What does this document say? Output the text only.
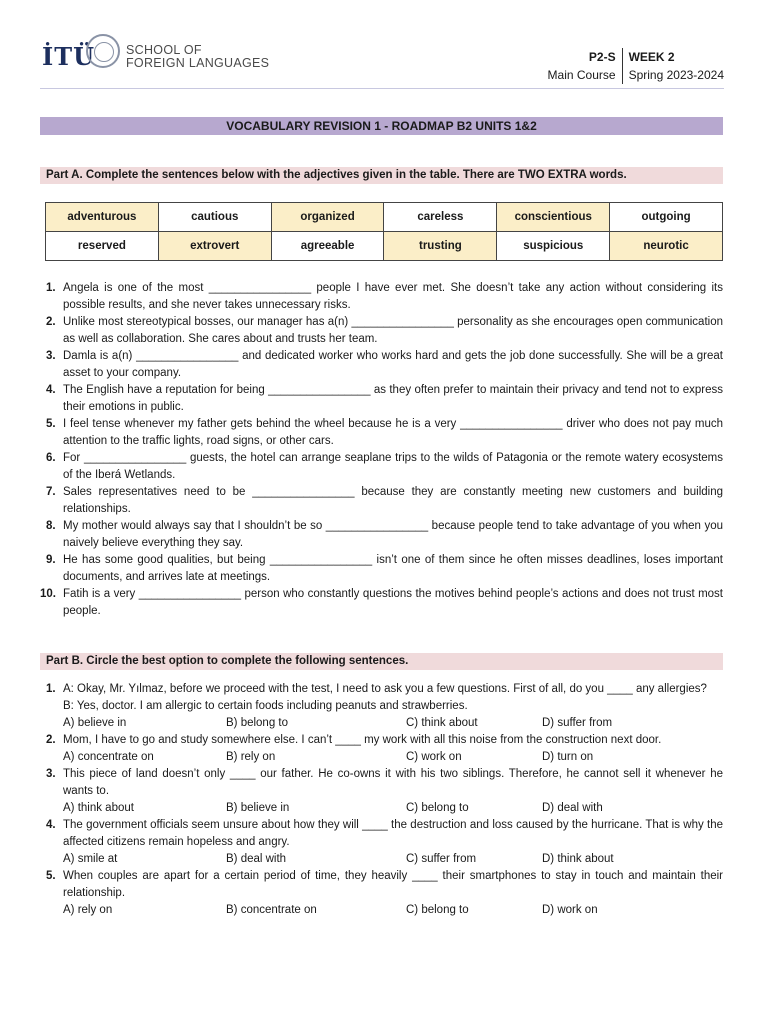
İTÜ SCHOOL OF
FOREIGN LANGUAGES	P2-S
Main Course
WEEK 2
Spring 2023-2024
VOCABULARY REVISION 1 - ROADMAP B2 UNITS 1&2
Part A. Complete the sentences below with the adjectives given in the table. There are TWO EXTRA words.
adventurous	cautious	organized	careless	conscientious	outgoing
reserved	extrovert	agreeable	trusting	suspicious	neurotic
1. Angela is one of the most ________________ people I have ever met. She doesn’t take any action without considering its possible results, and she never takes unnecessary risks.
2. Unlike most stereotypical bosses, our manager has a(n) ________________ personality as she encourages open communication as well as collaboration. She cares about and trusts her team.
3. Damla is a(n) ________________ and dedicated worker who works hard and gets the job done successfully. She will be a great asset to your company.
4. The English have a reputation for being ________________ as they often prefer to maintain their privacy and tend not to express their emotions in public.
5. I feel tense whenever my father gets behind the wheel because he is a very ________________ driver who does not pay much attention to the traffic lights, road signs, or other cars.
6. For ________________ guests, the hotel can arrange seaplane trips to the wilds of Patagonia or the remote watery ecosystems of the Iberá Wetlands.
7. Sales representatives need to be ________________ because they are constantly meeting new customers and building relationships.
8. My mother would always say that I shouldn’t be so ________________ because people tend to take advantage of you when you naively believe everything they say.
9. He has some good qualities, but being ________________ isn’t one of them since he often misses deadlines, loses important documents, and arrives late at meetings.
10. Fatih is a very ________________ person who constantly questions the motives behind people’s actions and does not trust most people.
Part B. Circle the best option to complete the following sentences.
1. A: Okay, Mr. Yılmaz, before we proceed with the test, I need to ask you a few questions. First of all, do you ____ any allergies?
B: Yes, doctor. I am allergic to certain foods including peanuts and strawberries.
A) believe in	B) belong to	C) think about	D) suffer from
2. Mom, I have to go and study somewhere else. I can’t ____ my work with all this noise from the construction next door.
A) concentrate on	B) rely on	C) work on	D) turn on
3. This piece of land doesn’t only ____ our father. He co-owns it with his two siblings. Therefore, he cannot sell it whenever he wants to.
A) think about	B) believe in	C) belong to	D) deal with
4. The government officials seem unsure about how they will ____ the destruction and loss caused by the hurricane. That is why the affected citizens remain hopeless and angry.
A) smile at	B) deal with	C) suffer from	D) think about
5. When couples are apart for a certain period of time, they heavily ____ their smartphones to stay in touch and maintain their relationship.
A) rely on	B) concentrate on	C) belong to	D) work on
